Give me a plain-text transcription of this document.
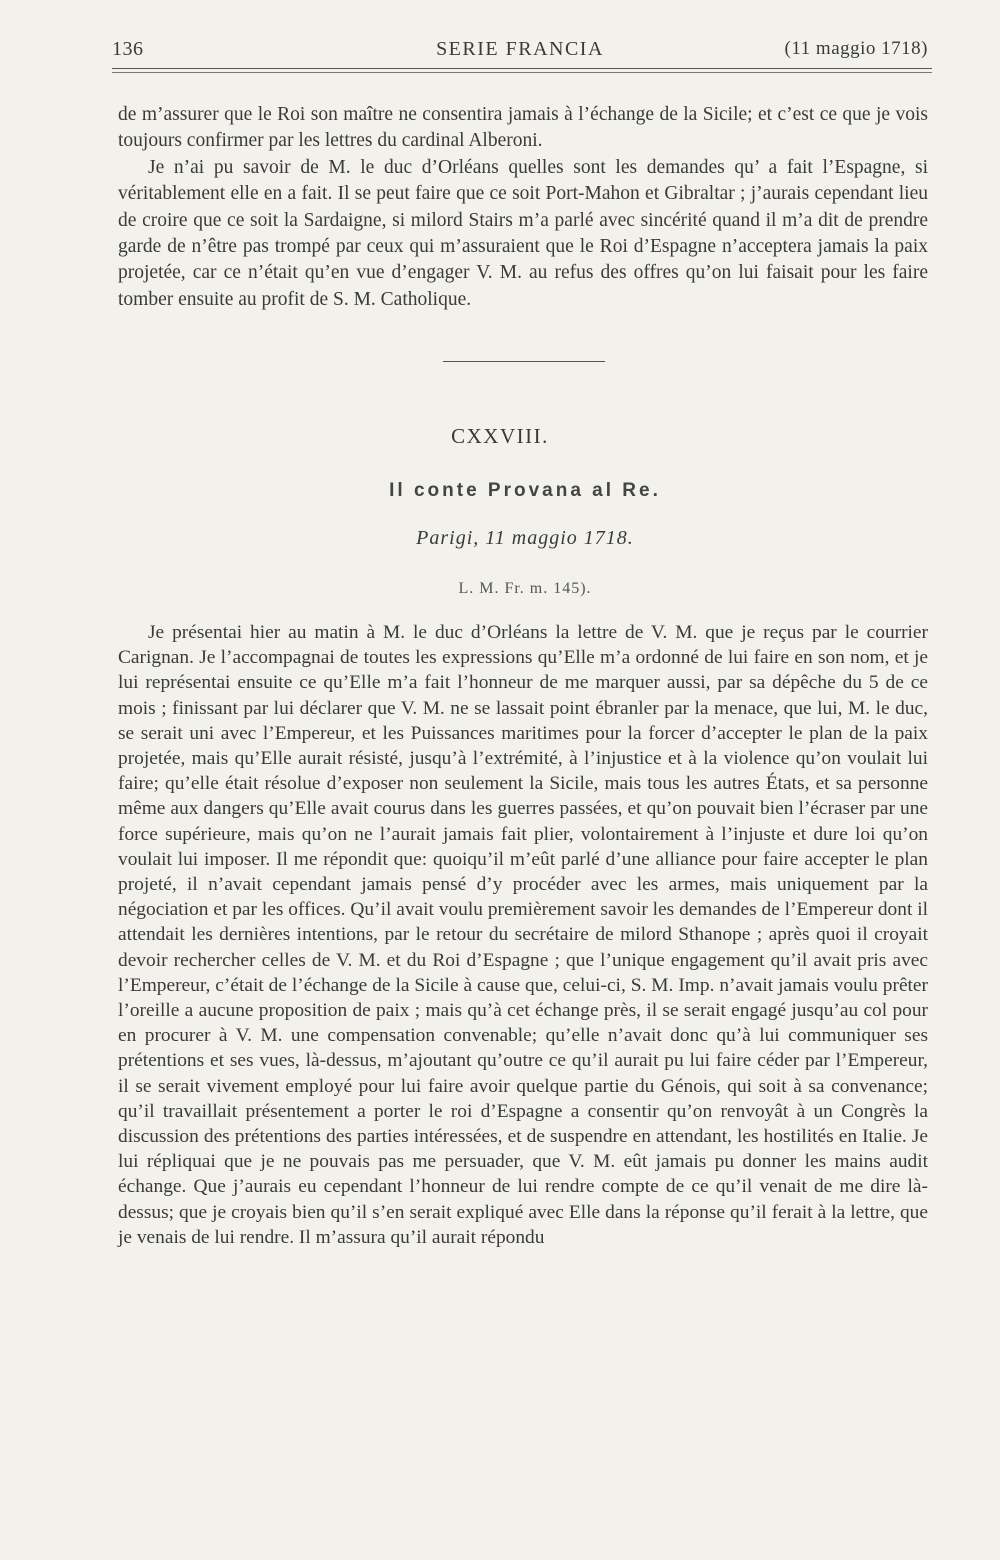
136	SERIE FRANCIA	(11 maggio 1718)

de m’assurer que le Roi son maître ne consentira jamais à l’échange de la Sicile; et c’est ce que je vois toujours confirmer par les lettres du cardinal Alberoni.

Je n’ai pu savoir de M. le duc d’Orléans quelles sont les demandes qu’ a fait l’Espagne, si véritablement elle en a fait. Il se peut faire que ce soit Port-Mahon et Gibraltar ; j’aurais cependant lieu de croire que ce soit la Sardaigne, si milord Stairs m’a parlé avec sincérité quand il m’a dit de prendre garde de n’être pas trompé par ceux qui m’assuraient que le Roi d’Espagne n’acceptera jamais la paix projetée, car ce n’était qu’en vue d’engager V. M. au refus des offres qu’on lui faisait pour les faire tomber ensuite au profit de S. M. Catholique.

CXXVIII.
Il conte Provana al Re.
Parigi, 11 maggio 1718.
L. M. Fr. m. 145).

Je présentai hier au matin à M. le duc d’Orléans la lettre de V. M. que je reçus par le courrier Carignan. Je l’accompagnai de toutes les expressions qu’Elle m’a ordonné de lui faire en son nom, et je lui représentai ensuite ce qu’Elle m’a fait l’honneur de me marquer aussi, par sa dépêche du 5 de ce mois ; finissant par lui déclarer que V. M. ne se lassait point ébranler par la menace, que lui, M. le duc, se serait uni avec l’Empereur, et les Puissances maritimes pour la forcer d’accepter le plan de la paix projetée, mais qu’Elle aurait résisté, jusqu’à l’extrémité, à l’injustice et à la violence qu’on voulait lui faire; qu’elle était résolue d’exposer non seulement la Sicile, mais tous les autres États, et sa personne même aux dangers qu’Elle avait courus dans les guerres passées, et qu’on pouvait bien l’écraser par une force supérieure, mais qu’on ne l’aurait jamais fait plier, volontairement à l’injuste et dure loi qu’on voulait lui imposer. Il me répondit que: quoiqu’il m’eût parlé d’une alliance pour faire accepter le plan projeté, il n’avait cependant jamais pensé d’y procéder avec les armes, mais uniquement par la négociation et par les offices. Qu’il avait voulu premièrement savoir les demandes de l’Empereur dont il attendait les dernières intentions, par le retour du secrétaire de milord Sthanope ; après quoi il croyait devoir rechercher celles de V. M. et du Roi d’Espagne ; que l’unique engagement qu’il avait pris avec l’Empereur, c’était de l’échange de la Sicile à cause que, celui-ci, S. M. Imp. n’avait jamais voulu prêter l’oreille a aucune proposition de paix ; mais qu’à cet échange près, il se serait engagé jusqu’au col pour en procurer à V. M. une compensation convenable; qu’elle n’avait donc qu’à lui communiquer ses prétentions et ses vues, là-dessus, m’ajoutant qu’outre ce qu’il aurait pu lui faire céder par l’Empereur, il se serait vivement employé pour lui faire avoir quelque partie du Génois, qui soit à sa convenance; qu’il travaillait présentement a porter le roi d’Espagne a consentir qu’on renvoyât à un Congrès la discussion des prétentions des parties intéressées, et de suspendre en attendant, les hostilités en Italie. Je lui répliquai que je ne pouvais pas me persuader, que V. M. eût jamais pu donner les mains audit échange. Que j’aurais eu cependant l’honneur de lui rendre compte de ce qu’il venait de me dire là-dessus; que je croyais bien qu’il s’en serait expliqué avec Elle dans la réponse qu’il ferait à la lettre, que je venais de lui rendre. Il m’assura qu’il aurait répondu
